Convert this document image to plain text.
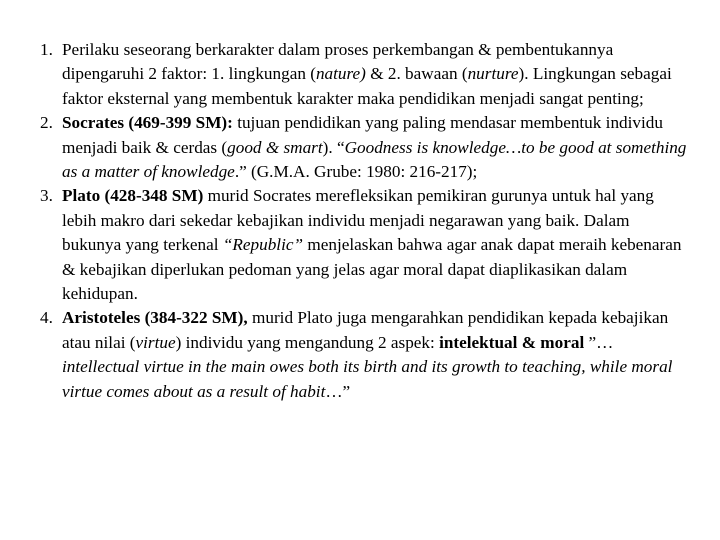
1. Perilaku seseorang berkarakter dalam proses perkembangan & pembentukannya dipengaruhi 2 faktor: 1. lingkungan (nature) & 2. bawaan (nurture). Lingkungan sebagai faktor eksternal yang membentuk karakter maka pendidikan menjadi sangat penting;
2. Socrates (469-399 SM): tujuan pendidikan yang paling mendasar membentuk individu menjadi baik & cerdas (good & smart). “Goodness is knowledge…to be good at something as a matter of knowledge.” (G.M.A. Grube: 1980: 216-217);
3. Plato (428-348 SM) murid Socrates merefleksikan pemikiran gurunya untuk hal yang lebih makro dari sekedar kebajikan individu menjadi negarawan yang baik. Dalam bukunya yang terkenal “Republic” menjelaskan bahwa agar anak dapat meraih kebenaran & kebajikan diperlukan pedoman yang jelas agar moral dapat diaplikasikan dalam kehidupan.
4. Aristoteles (384-322 SM), murid Plato juga mengarahkan pendidikan kepada kebajikan atau nilai (virtue) individu yang mengandung 2 aspek: intelektual & moral ”…intellectual virtue in the main owes both its birth and its growth to teaching, while moral virtue comes about as a result of habit…”
